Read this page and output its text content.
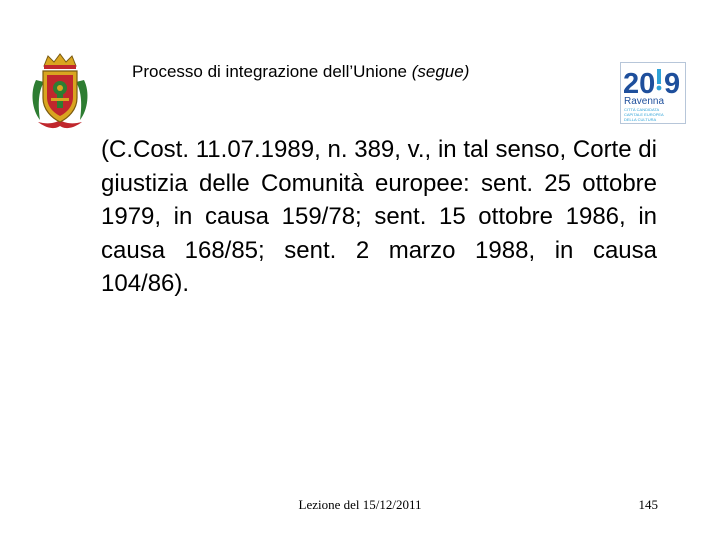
Processo di integrazione dell’Unione (segue)	20 9
Ravenna
CITTÀ CANDIDATA
CAPITALE EUROPEA
DELLA CULTURA
(C.Cost. 11.07.1989, n. 389, v., in tal senso, Corte di giustizia delle Comunità europee: sent. 25 ottobre 1979, in causa 159/78; sent. 15 ottobre 1986, in causa 168/85; sent. 2 marzo 1988, in causa 104/86).
Lezione del 15/12/2011	145
